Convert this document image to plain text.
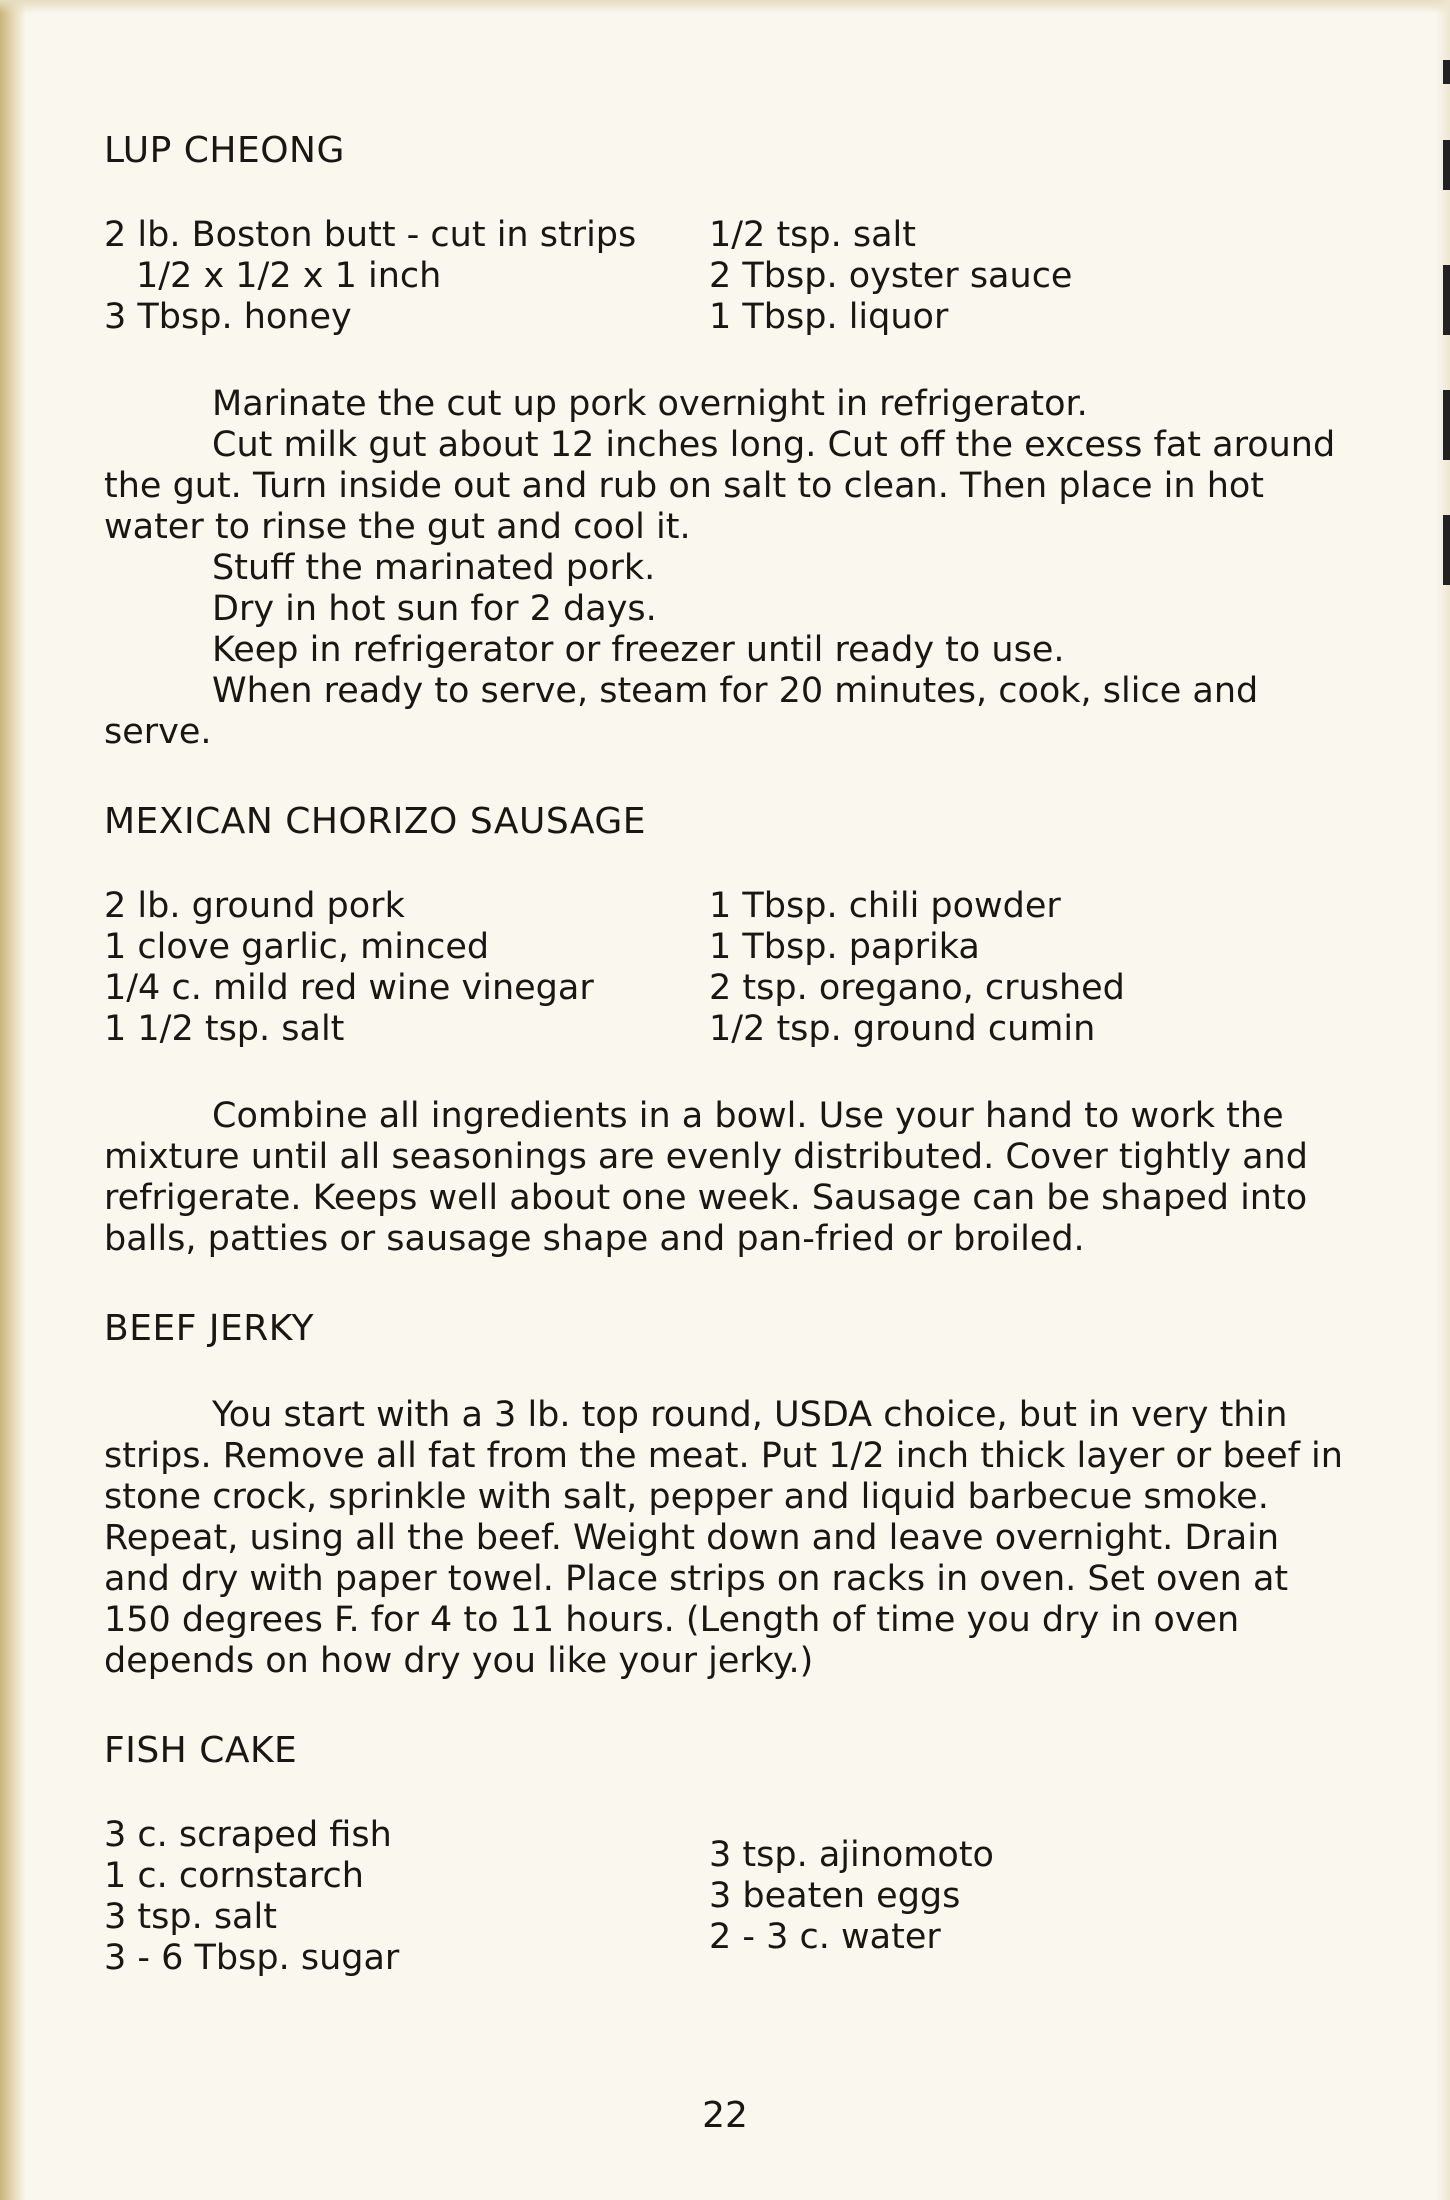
LUP CHEONG
2 lb. Boston butt - cut in strips
1/2 x 1/2 x 1 inch
3 Tbsp. honey
1/2 tsp. salt
2 Tbsp. oyster sauce
1 Tbsp. liquor

Marinate the cut up pork overnight in refrigerator.

Cut milk gut about 12 inches long. Cut off the excess fat around the gut. Turn inside out and rub on salt to clean. Then place in hot water to rinse the gut and cool it.

Stuff the marinated pork.

Dry in hot sun for 2 days.

Keep in refrigerator or freezer until ready to use.

When ready to serve, steam for 20 minutes, cook, slice and serve.

MEXICAN CHORIZO SAUSAGE
2 lb. ground pork
1 clove garlic, minced
1/4 c. mild red wine vinegar
1 1/2 tsp. salt
1 Tbsp. chili powder
1 Tbsp. paprika
2 tsp. oregano, crushed
1/2 tsp. ground cumin

Combine all ingredients in a bowl. Use your hand to work the mixture until all seasonings are evenly distributed. Cover tightly and refrigerate. Keeps well about one week. Sausage can be shaped into balls, patties or sausage shape and pan-fried or broiled.

BEEF JERKY

You start with a 3 lb. top round, USDA choice, but in very thin strips. Remove all fat from the meat. Put 1/2 inch thick layer or beef in stone crock, sprinkle with salt, pepper and liquid barbecue smoke. Repeat, using all the beef. Weight down and leave overnight. Drain and dry with paper towel. Place strips on racks in oven. Set oven at 150 degrees F. for 4 to 11 hours. (Length of time you dry in oven depends on how dry you like your jerky.)

FISH CAKE
3 c. scraped fish
1 c. cornstarch
3 tsp. salt
3 - 6 Tbsp. sugar
3 tsp. ajinomoto
3 beaten eggs
2 - 3 c. water
22
